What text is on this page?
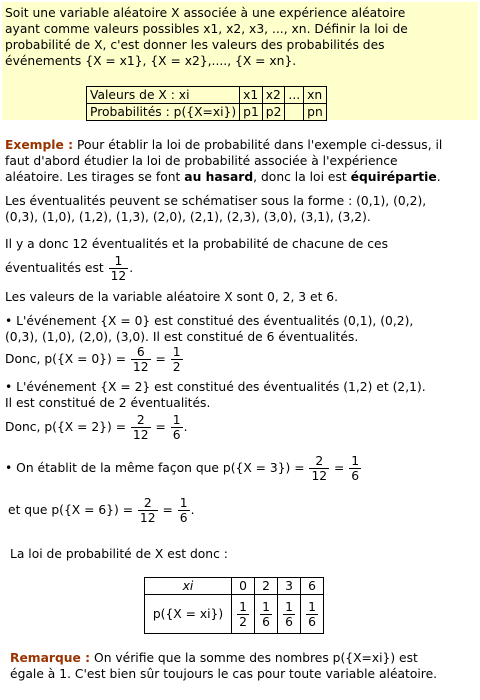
Soit une variable aléatoire X associée à une expérience aléatoire

ayant comme valeurs possibles x1, x2, x3, ..., xn. Définir la loi de

probabilité de X, c'est donner les valeurs des probabilités des

événements {X = x1}, {X = x2},...., {X = xn}.

Valeurs de X : xi	x1	x2	...	xn
Probabilités : p({X=xi})	p1	p2		pn

Exemple : Pour établir la loi de probabilité dans l'exemple ci-dessus, il

faut d'abord étudier la loi de probabilité associée à l'expérience

aléatoire. Les tirages se font au hasard, donc la loi est équirépartie.

Les éventualités peuvent se schématiser sous la forme : (0,1), (0,2),

(0,3), (1,0), (1,2), (1,3), (2,0), (2,1), (2,3), (3,0), (3,1), (3,2).

Il y a donc 12 éventualités et la probabilité de chacune de ces

éventualités est $\frac{1}{12}$ .

Les valeurs de la variable aléatoire X sont 0, 2, 3 et 6.

• L'événement {X = 0} est constitué des éventualités (0,1), (0,2),

(0,3), (1,0), (2,0), (3,0). Il est constitué de 6 éventualités.

Donc, $p(\{X = 0\}) = \frac{6}{12} = \frac{1}{2}$

• L'événement {X = 2} est constitué des éventualités (1,2) et (2,1).

Il est constitué de 2 éventualités.

Donc, $p(\{X = 2\}) = \frac{2}{12} = \frac{1}{6}$ .

• On établit de la même façon que $p(\{X = 3\}) = \frac{2}{12} = \frac{1}{6}$

et que $p(\{X = 6\}) = \frac{2}{12} = \frac{1}{6}$ .

La loi de probabilité de X est donc :

xi	0	2	3	6
p({X = xi})	$\frac{1}{2}$	$\frac{1}{6}$	$\frac{1}{6}$	$\frac{1}{6}$

Remarque : On vérifie que la somme des nombres p({X=xi}) est

égale à 1. C'est bien sûr toujours le cas pour toute variable aléatoire.
